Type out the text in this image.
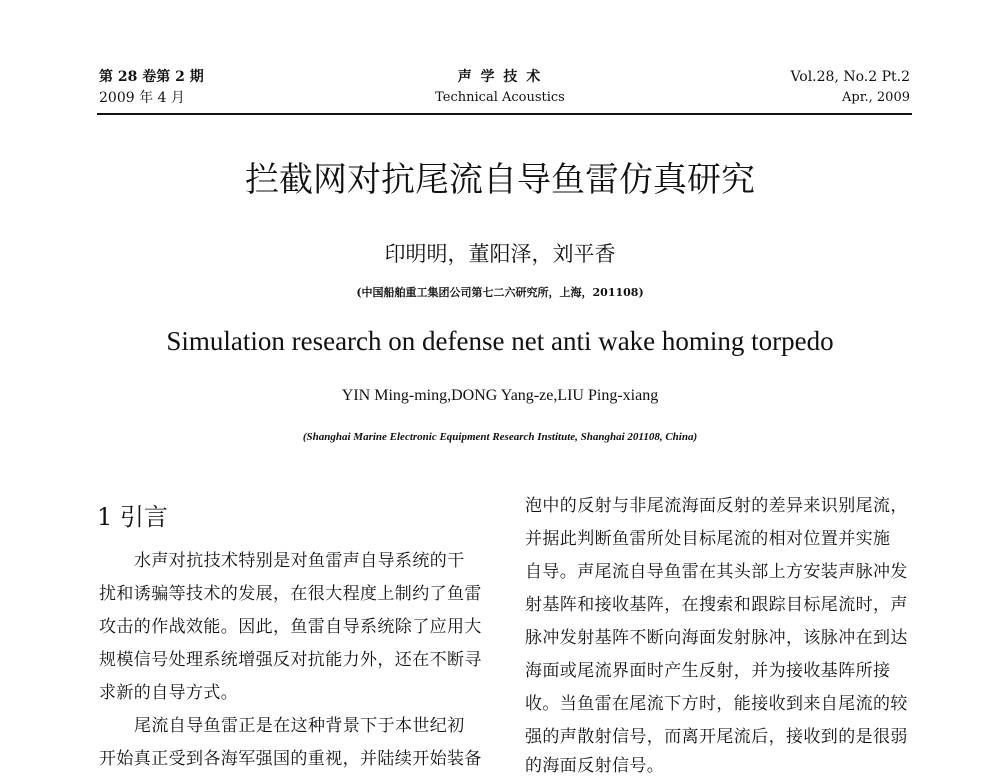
第 28 卷第 2 期
2009 年 4 月
声 学 技 术
Technical Acoustics
Vol.28, No.2 Pt.2
Apr., 2009
拦截网对抗尾流自导鱼雷仿真研究
印明明，董阳泽，刘平香
(中国船舶重工集团公司第七二六研究所，上海，201108)
Simulation research on defense net anti wake homing torpedo
YIN Ming-ming,DONG Yang-ze,LIU Ping-xiang
(Shanghai Marine Electronic Equipment Research Institute, Shanghai 201108, China)
1 引言
水声对抗技术特别是对鱼雷声自导系统的干
扰和诱骗等技术的发展，在很大程度上制约了鱼雷
攻击的作战效能。因此，鱼雷自导系统除了应用大
规模信号处理系统增强反对抗能力外，还在不断寻
求新的自导方式。
尾流自导鱼雷正是在这种背景下于本世纪初
开始真正受到各海军强国的重视，并陆续开始装备
泡中的反射与非尾流海面反射的差异来识别尾流，
并据此判断鱼雷所处目标尾流的相对位置并实施
自导。声尾流自导鱼雷在其头部上方安装声脉冲发
射基阵和接收基阵，在搜索和跟踪目标尾流时，声
脉冲发射基阵不断向海面发射脉冲，该脉冲在到达
海面或尾流界面时产生反射，并为接收基阵所接
收。当鱼雷在尾流下方时，能接收到来自尾流的较
强的声散射信号，而离开尾流后，接收到的是很弱
的海面反射信号。
